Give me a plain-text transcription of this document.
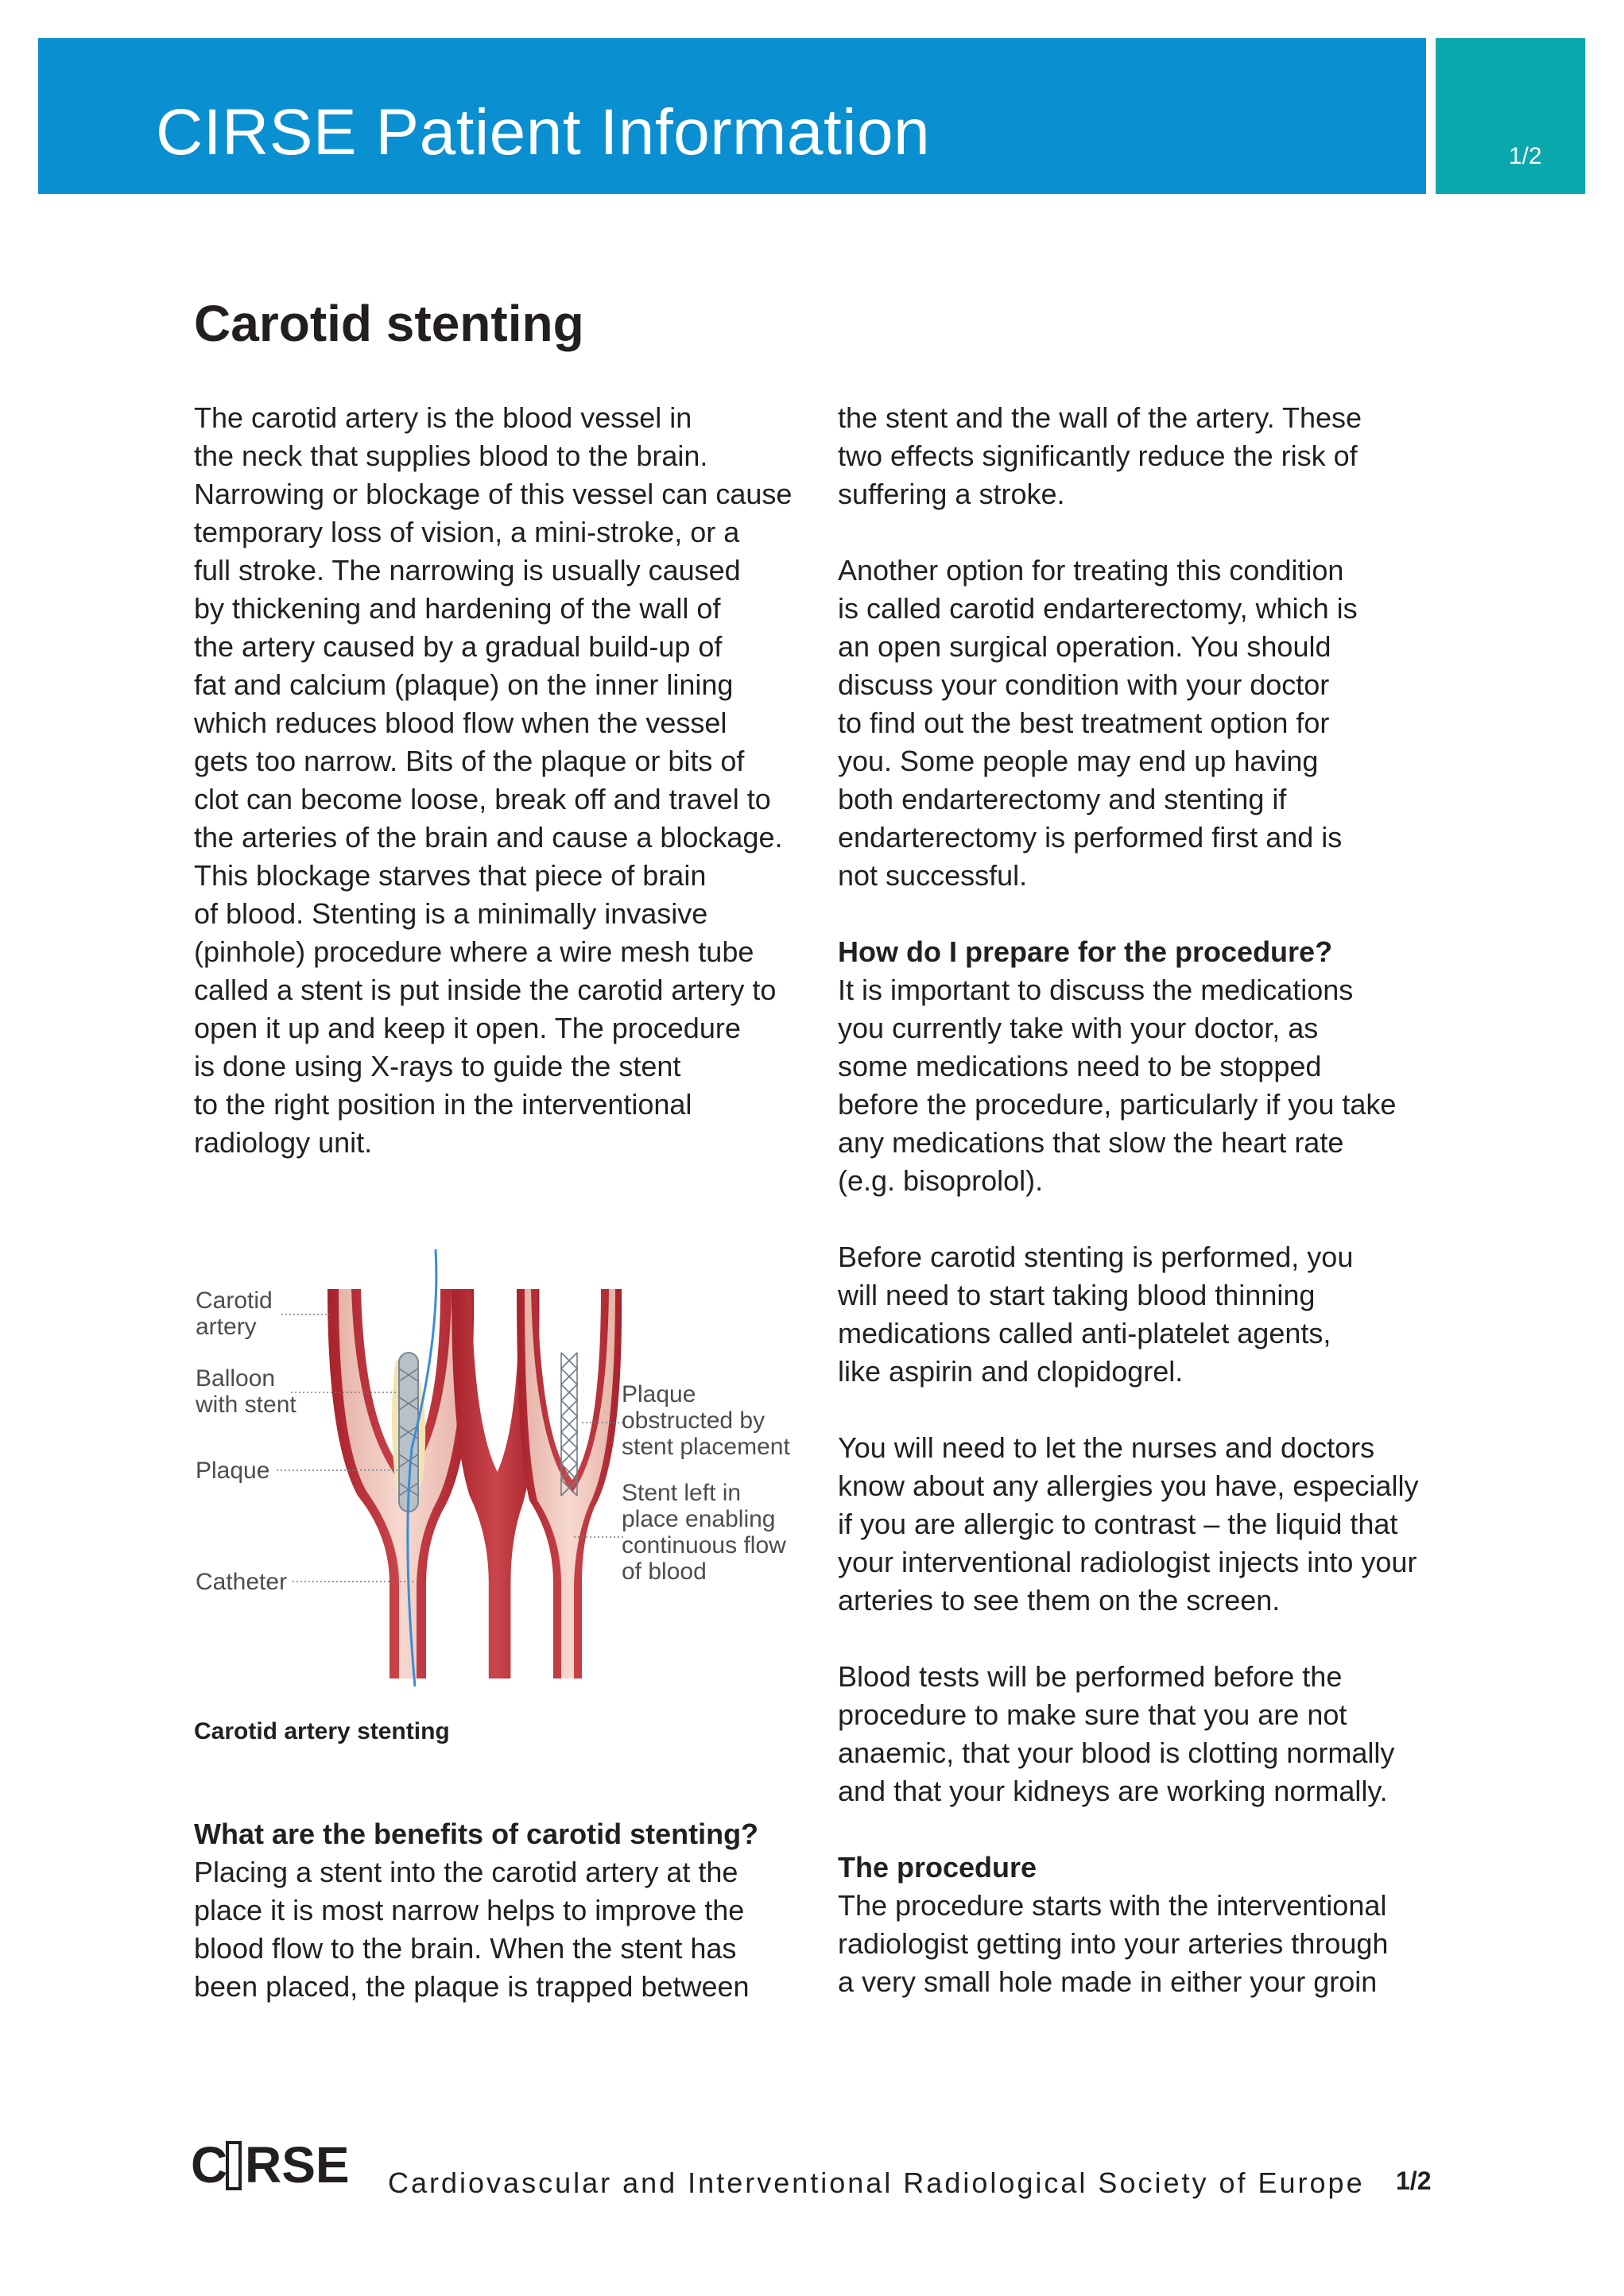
CIRSE Patient Information	1/2
Carotid stenting

The carotid artery is the blood vessel in
the neck that supplies blood to the brain.
Narrowing or blockage of this vessel can cause
temporary loss of vision, a mini-stroke, or a
full stroke. The narrowing is usually caused
by thickening and hardening of the wall of
the artery caused by a gradual build-up of
fat and calcium (plaque) on the inner lining
which reduces blood flow when the vessel
gets too narrow. Bits of the plaque or bits of
clot can become loose, break off and travel to
the arteries of the brain and cause a blockage.
This blockage starves that piece of brain
of blood. Stenting is a minimally invasive
(pinhole) procedure where a wire mesh tube
called a stent is put inside the carotid artery to
open it up and keep it open. The procedure
is done using X-rays to guide the stent
to the right position in the interventional
radiology unit.

Carotid
artery
Balloon
with stent
Plaque
Catheter
Plaque
obstructed by
stent placement
Stent left in
place enabling
continuous flow
of blood
Carotid artery stenting
What are the benefits of carotid stenting?

Placing a stent into the carotid artery at the
place it is most narrow helps to improve the
blood flow to the brain. When the stent has
been placed, the plaque is trapped between

the stent and the wall of the artery. These
two effects significantly reduce the risk of
suffering a stroke.

Another option for treating this condition
is called carotid endarterectomy, which is
an open surgical operation. You should
discuss your condition with your doctor
to find out the best treatment option for
you. Some people may end up having
both endarterectomy and stenting if
endarterectomy is performed first and is
not successful.

How do I prepare for the procedure?

It is important to discuss the medications
you currently take with your doctor, as
some medications need to be stopped
before the procedure, particularly if you take
any medications that slow the heart rate
(e.g. bisoprolol).

Before carotid stenting is performed, you
will need to start taking blood thinning
medications called anti-platelet agents,
like aspirin and clopidogrel.

You will need to let the nurses and doctors
know about any allergies you have, especially
if you are allergic to contrast – the liquid that
your interventional radiologist injects into your
arteries to see them on the screen.

Blood tests will be performed before the
procedure to make sure that you are not
anaemic, that your blood is clotting normally
and that your kidneys are working normally.

The procedure

The procedure starts with the interventional
radiologist getting into your arteries through
a very small hole made in either your groin

C RSE Cardiovascular and Interventional Radiological Society of Europe 1/2
